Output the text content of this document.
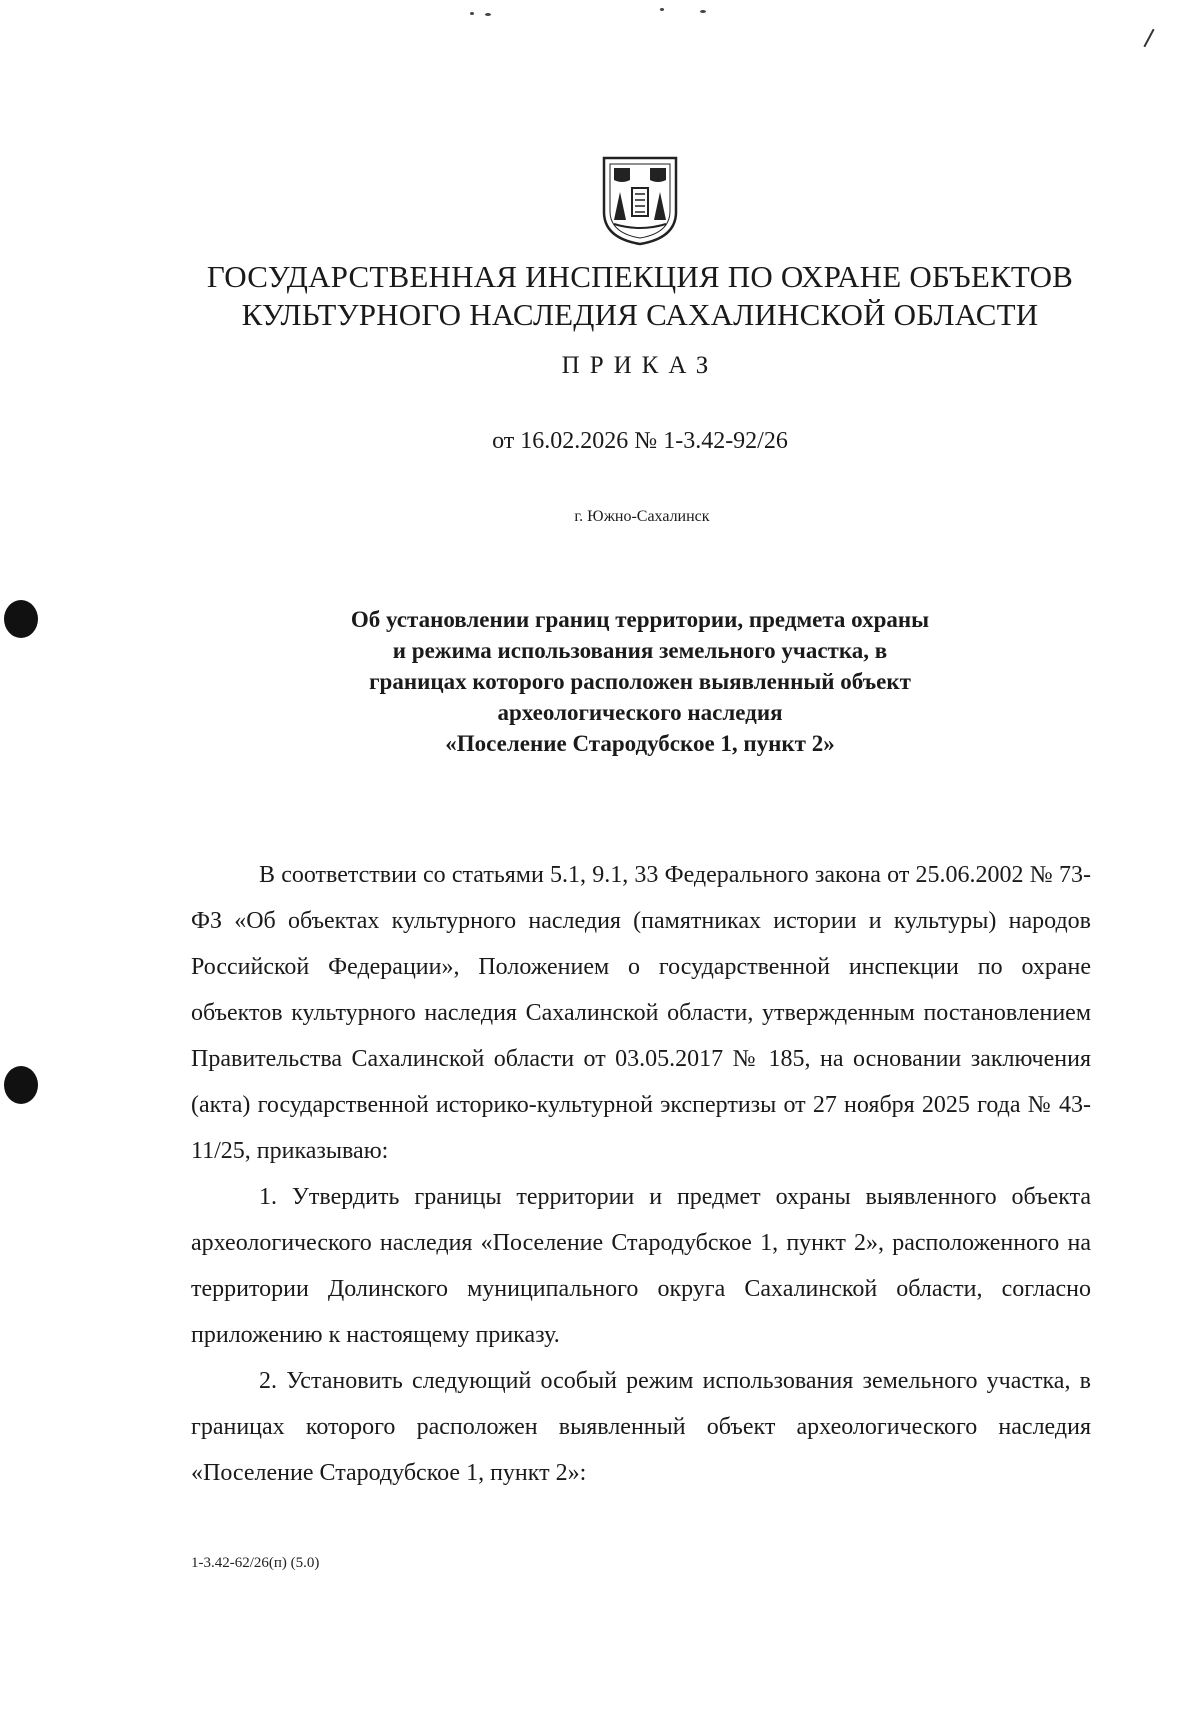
ГОСУДАРСТВЕННАЯ ИНСПЕКЦИЯ ПО ОХРАНЕ ОБЪЕКТОВ
КУЛЬТУРНОГО НАСЛЕДИЯ САХАЛИНСКОЙ ОБЛАСТИ
ПРИКАЗ
от 16.02.2026 № 1-3.42-92/26
г. Южно-Сахалинск
Об установлении границ территории, предмета охраны
и режима использования земельного участка, в
границах которого расположен выявленный объект
археологического наследия
«Поселение Стародубское 1, пункт 2»

В соответствии со статьями 5.1, 9.1, 33 Федерального закона от 25.06.2002 № 73-ФЗ «Об объектах культурного наследия (памятниках истории и культуры) народов Российской Федерации», Положением о государственной инспекции по охране объектов культурного наследия Сахалинской области, утвержденным постановлением Правительства Сахалинской области от 03.05.2017 № 185, на основании заключения (акта) государственной историко-культурной экспертизы от 27 ноября 2025 года № 43-11/25, приказываю:

1. Утвердить границы территории и предмет охраны выявленного объекта археологического наследия «Поселение Стародубское 1, пункт 2», расположенного на территории Долинского муниципального округа Сахалинской области, согласно приложению к настоящему приказу.

2. Установить следующий особый режим использования земельного участка, в границах которого расположен выявленный объект археологического наследия «Поселение Стародубское 1, пункт 2»:

1-3.42-62/26(п) (5.0)
